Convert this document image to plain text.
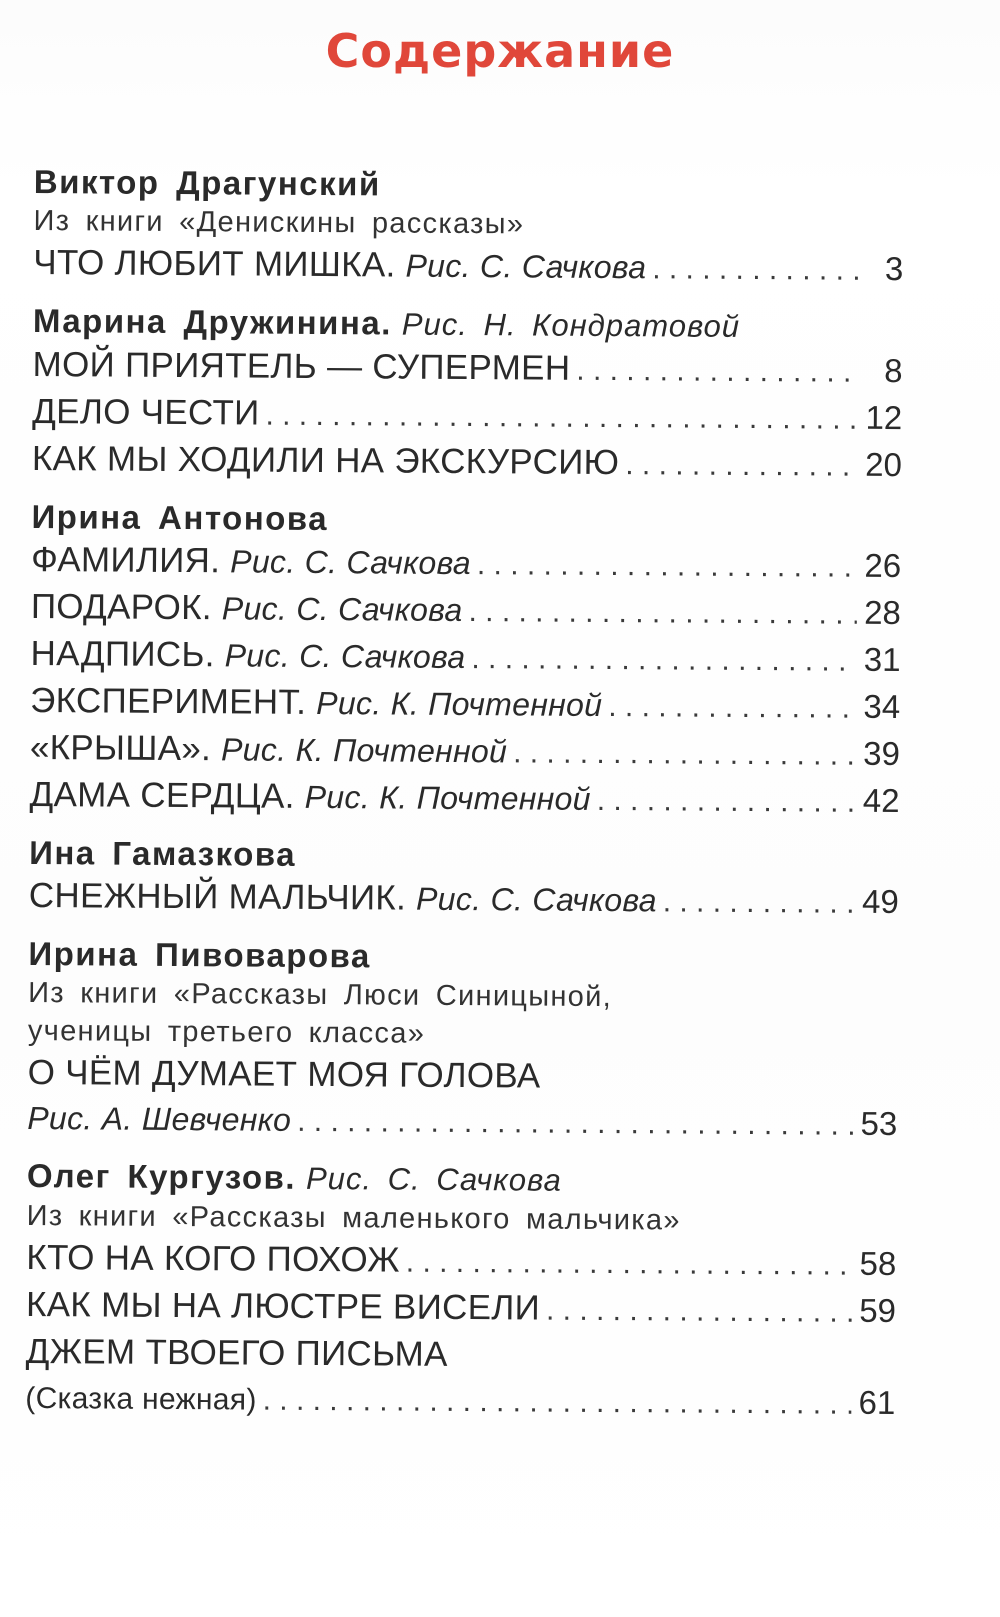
Содержание
Виктор Драгунский
Из книги «Денискины рассказы»
ЧТО ЛЮБИТ МИШКА. Рис. С. Сачкова . . .	3
Марина Дружинина. Рис. Н. Кондратовой
МОЙ ПРИЯТЕЛЬ — СУПЕРМЕН . . .	8
ДЕЛО ЧЕСТИ . . .	12
КАК МЫ ХОДИЛИ НА ЭКСКУРСИЮ . . .	20
Ирина Антонова
ФАМИЛИЯ. Рис. С. Сачкова . . .	26
ПОДАРОК. Рис. С. Сачкова . . .	28
НАДПИСЬ. Рис. С. Сачкова . . .	31
ЭКСПЕРИМЕНТ. Рис. К. Почтенной . . .	34
«КРЫША». Рис. К. Почтенной . . .	39
ДАМА СЕРДЦА. Рис. К. Почтенной . . .	42
Ина Гамазкова
СНЕЖНЫЙ МАЛЬЧИК. Рис. С. Сачкова . . .	49
Ирина Пивоварова
Из книги «Рассказы Люси Синицыной,
ученицы третьего класса»
О ЧЁМ ДУМАЕТ МОЯ ГОЛОВА
Рис. А. Шевченко . . .	53
Олег Кургузов. Рис. С. Сачкова
Из книги «Рассказы маленького мальчика»
КТО НА КОГО ПОХОЖ . . .	58
КАК МЫ НА ЛЮСТРЕ ВИСЕЛИ . . .	59
ДЖЕМ ТВОЕГО ПИСЬМА
(Сказка нежная) . . .	61
